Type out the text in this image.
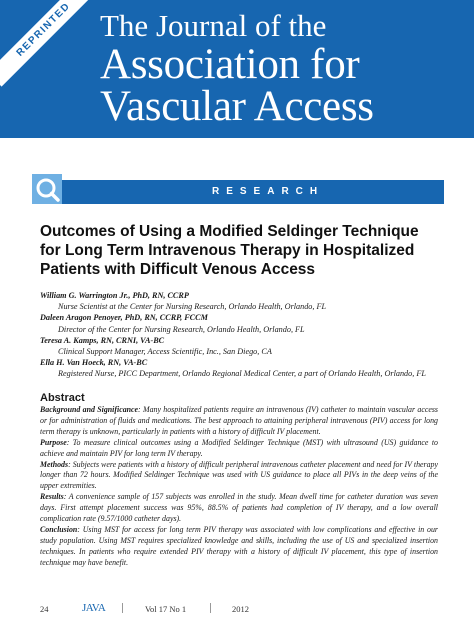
REPRINTED The Journal of the
Association for
Vascular Access
RESEARCH
Outcomes of Using a Modified Seldinger Technique
for Long Term Intravenous Therapy in Hospitalized
Patients with Difficult Venous Access
William G. Warrington Jr., PhD, RN, CCRP
Nurse Scientist at the Center for Nursing Research, Orlando Health, Orlando, FL
Daleen Aragon Penoyer, PhD, RN, CCRP, FCCM
Director of the Center for Nursing Research, Orlando Health, Orlando, FL
Teresa A. Kamps, RN, CRNI, VA-BC
Clinical Support Manager, Access Scientific, Inc., San Diego, CA
Ella H. Van Hoeck, RN, VA-BC
Registered Nurse, PICC Department, Orlando Regional Medical Center, a part of Orlando Health, Orlando, FL
Abstract

Background and Significance: Many hospitalized patients require an intravenous (IV) catheter to maintain vascular access or for administration of fluids and medications. The best approach to attaining peripheral intravenous (PIV) access for long term therapy is unknown, particularly in patients with a history of difficult IV placement.

Purpose: To measure clinical outcomes using a Modified Seldinger Technique (MST) with ultrasound (US) guidance to achieve and maintain PIV for long term IV therapy.

Methods: Subjects were patients with a history of difficult peripheral intravenous catheter placement and need for IV therapy longer than 72 hours. Modified Seldinger Technique was used with US guidance to place all PIVs in the deep veins of the upper extremities.

Results: A convenience sample of 157 subjects was enrolled in the study. Mean dwell time for catheter duration was seven days. First attempt placement success was 95%, 88.5% of patients had completion of IV therapy, and a low overall complication rate (9.57/1000 catheter days).

Conclusion: Using MST for access for long term PIV therapy was associated with low complications and effective in our study population. Using MST requires specialized knowledge and skills, including the use of US and specialized insertion techniques. In patients who require extended PIV therapy with a history of difficult IV placement, this type of insertion technique may have benefit.

24	JAVA	Vol 17 No 1	2012
